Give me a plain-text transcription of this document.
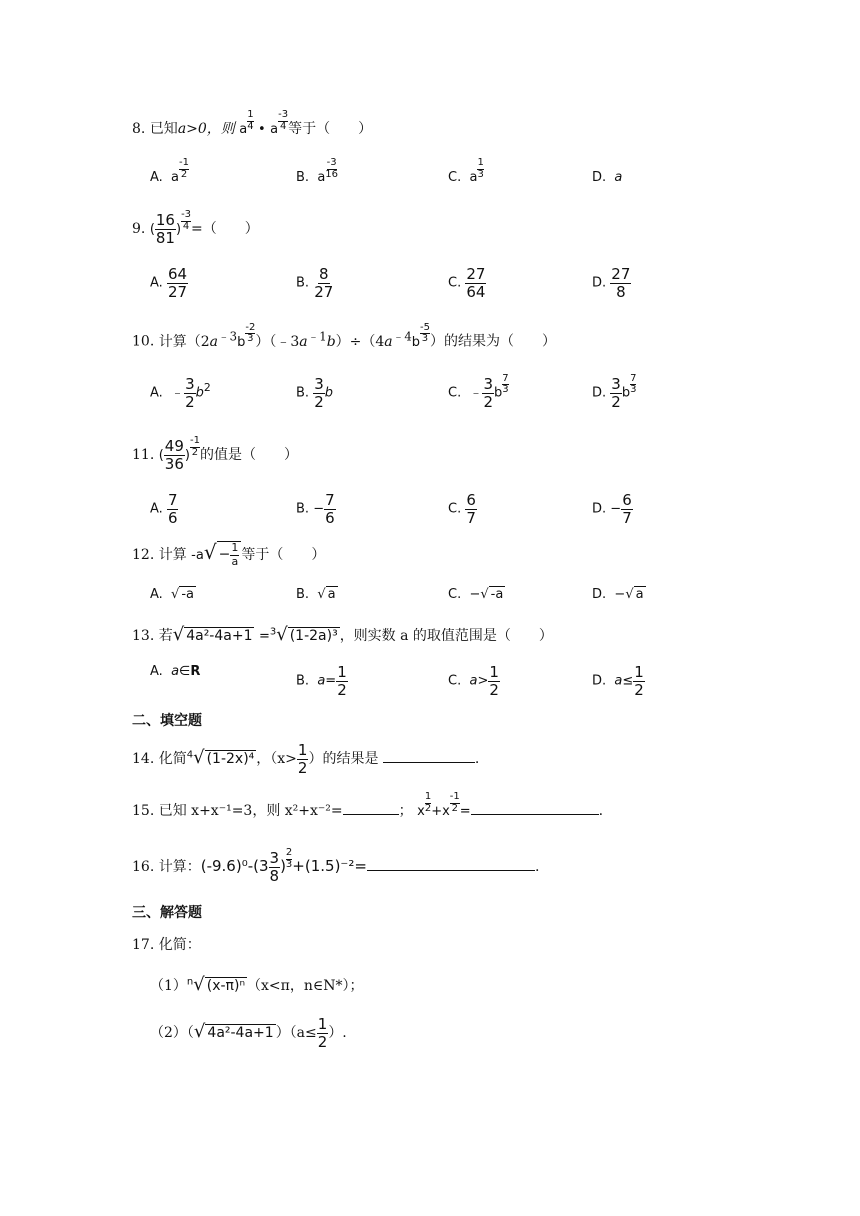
8. 已知a>0，则 a $\frac{1}{4}$ • a $\frac{-3}{4}$ 等于（　　）
A.  a $\frac{-1}{2}$	B.  a $\frac{-3}{16}$	C.  a $\frac{1}{3}$	D. a
9. ( $\frac{16}{81}$ ) $\frac{-3}{4}$ =（　　）
A. $\frac{64}{27}$	B. $\frac{8}{27}$	C. $\frac{27}{64}$	D. $\frac{27}{8}$
10. 计算（$2a^{﹣3}b \frac{-2}{3}$ ）$(﹣3a^{﹣1}b)\div(4a^{﹣4}b \frac{-5}{3}$ ）的结果为（　　）
A.  ﹣ $\frac{3}{2} b^2$	B. $\frac{3}{2}$ b	C.  ﹣ $\frac{3}{2}$ b $\frac{7}{3}$	D. $\frac{3}{2}$ b $\frac{7}{3}$
11. ( $\frac{49}{36}$ ) $\frac{-1}{2}$ 的值是（　　）
A. $\frac{7}{6}$	B. − $\frac{7}{6}$	C. $\frac{6}{7}$	D. − $\frac{6}{7}$
12. 计算 $-a√ - \frac{1}{a}$ 等于（　　）
A.  √ -a	B.  √ a	C.  −√ -a	D.  −√ a
13. 若√ 4a²-4a+1 =$^3$√ (1-2a)³ ，则实数 a 的取值范围是（　　）
A. a∈R
B. $a= \frac{1}{2}$	C. $a> \frac{1}{2}$	D. $a\le \frac{1}{2}$
二、填空题
14. 化简$^4$√ (1-2x)⁴ ，（$x> \frac{1}{2}$ ）的结果是	.
15. 已知 x+x⁻¹=3，则 x²+x⁻²=	； x $\frac{1}{2} +x \frac{-1}{2}$ =	.
16. 计算：$(-9.6)^0-(3 \frac{3}{8}$ ) $\frac{2}{3} +(1.5)^{-2}=$	.
三、解答题
17. 化简：
$(1)^n√$ (x-π)ⁿ （x<π，n∈N*）；
（2）（√ 4a²-4a+1 ）（$a\le \frac{1}{2}$ ）.
